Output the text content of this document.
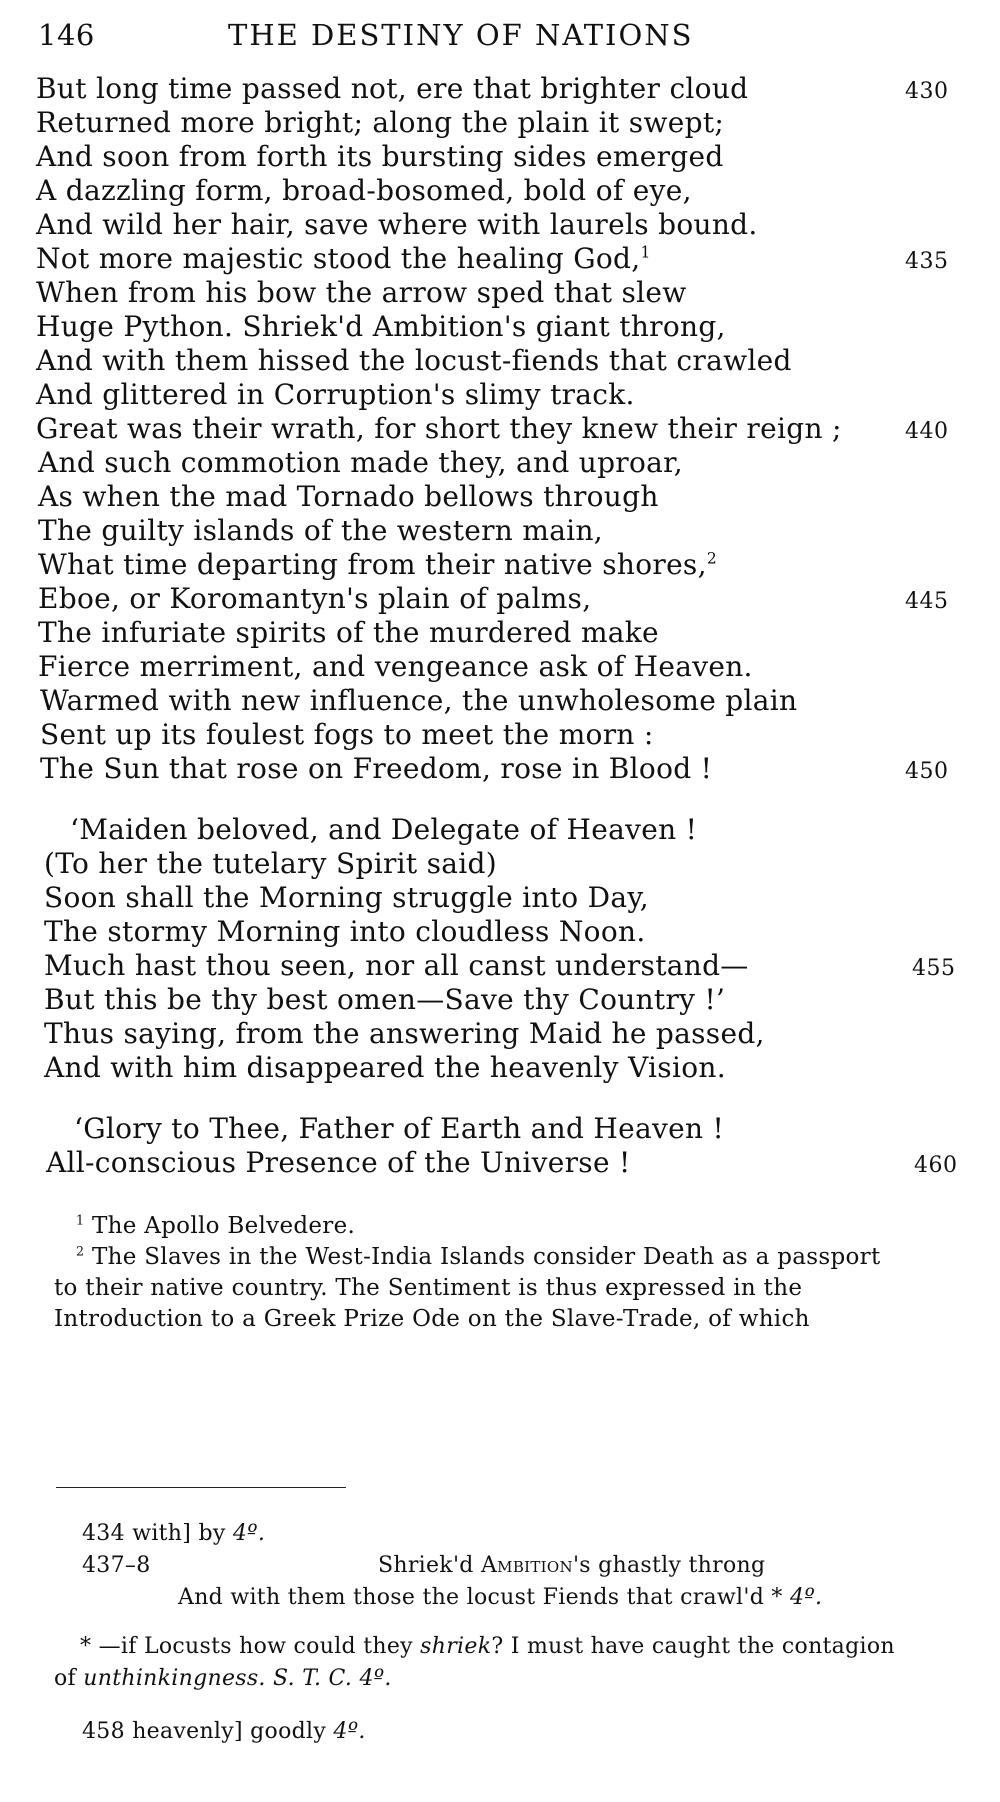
146	THE DESTINY OF NATIONS
But long time passed not, ere that brighter cloud
Returned more bright; along the plain it swept;
And soon from forth its bursting sides emerged
A dazzling form, broad-bosomed, bold of eye,
And wild her hair, save where with laurels bound.
Not more majestic stood the healing God,$^1$
When from his bow the arrow sped that slew
Huge Python. Shriek'd Ambition's giant throng,
And with them hissed the locust-fiends that crawled
And glittered in Corruption's slimy track.
Great was their wrath, for short they knew their reign ;
And such commotion made they, and uproar,
As when the mad Tornado bellows through
The guilty islands of the western main,
What time departing from their native shores,$^2$
Eboe, or Koromantyn's plain of palms,
The infuriate spirits of the murdered make
Fierce merriment, and vengeance ask of Heaven.
Warmed with new influence, the unwholesome plain
Sent up its foulest fogs to meet the morn :
The Sun that rose on Freedom, rose in Blood !
‘Maiden beloved, and Delegate of Heaven !
(To her the tutelary Spirit said)
Soon shall the Morning struggle into Day,
The stormy Morning into cloudless Noon.
Much hast thou seen, nor all canst understand—
But this be thy best omen—Save thy Country !’
Thus saying, from the answering Maid he passed,
And with him disappeared the heavenly Vision.
‘Glory to Thee, Father of Earth and Heaven !
All-conscious Presence of the Universe !
430
435
440
445
450
455
460
$^1$ The Apollo Belvedere.
$^2$ The Slaves in the West-India Islands consider Death as a passport
to their native country. The Sentiment is thus expressed in the
Introduction to a Greek Prize Ode on the Slave-Trade, of which
434 with] by 4º.
437–8	Shriek'd Ambition's ghastly throng
And with them those the locust Fiends that crawl'd * 4º.
* —if Locusts how could they shriek? I must have caught the contagion
of unthinkingness. S. T. C. 4º.
458 heavenly] goodly 4º.
